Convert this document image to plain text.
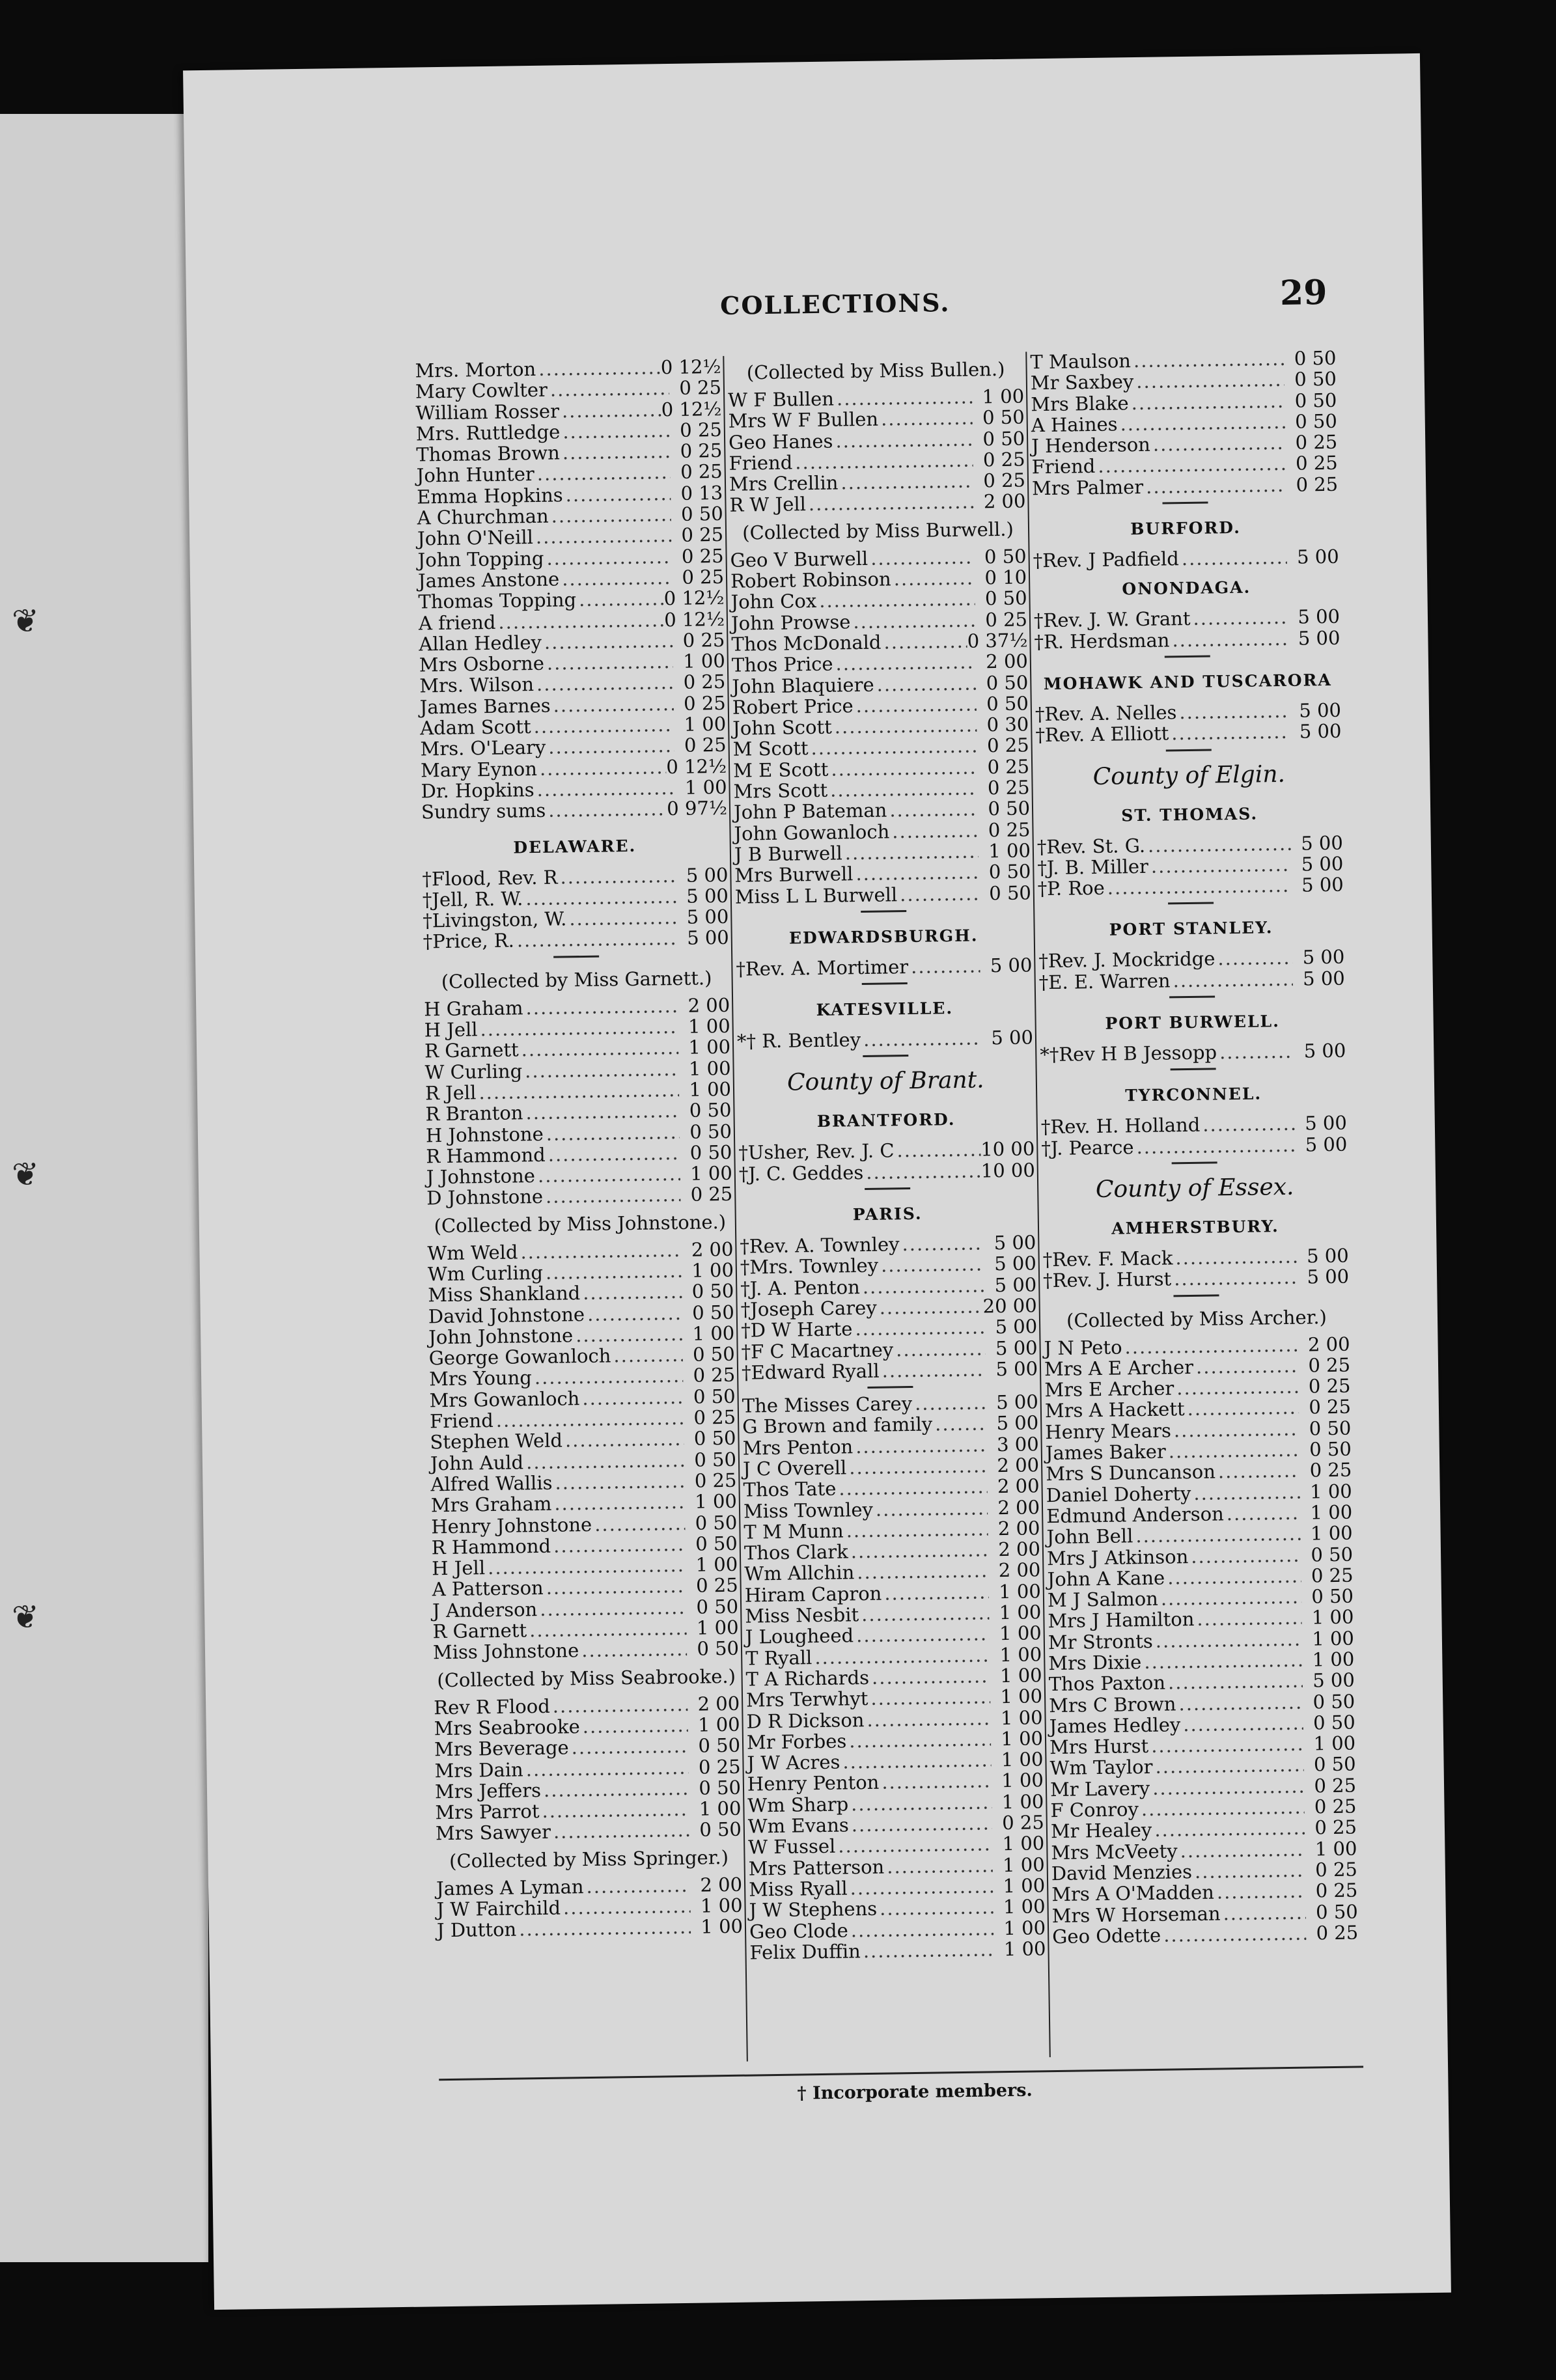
❦
❦
❦
COLLECTIONS.	29
Mrs. Morton .....	0 12½
Mary Cowlter .....	0 25
William Rosser .....	0 12½
Mrs. Ruttledge .....	0 25
Thomas Brown .....	0 25
John Hunter .....	0 25
Emma Hopkins .....	0 13
A Churchman .....	0 50
John O'Neill .....	0 25
John Topping .....	0 25
James Anstone .....	0 25
Thomas Topping .....	0 12½
A friend .....	0 12½
Allan Hedley .....	0 25
Mrs Osborne .....	1 00
Mrs. Wilson .....	0 25
James Barnes .....	0 25
Adam Scott .....	1 00
Mrs. O'Leary .....	0 25
Mary Eynon .....	0 12½
Dr. Hopkins .....	1 00
Sundry sums .....	0 97½
DELAWARE.
†Flood, Rev. R .....	5 00
†Jell, R. W. .....	5 00
†Livingston, W. .....	5 00
†Price, R. .....	5 00
(Collected by Miss Garnett.)
H Graham .....	2 00
H Jell .....	1 00
R Garnett .....	1 00
W Curling .....	1 00
R Jell .....	1 00
R Branton .....	0 50
H Johnstone .....	0 50
R Hammond .....	0 50
J Johnstone .....	1 00
D Johnstone .....	0 25
(Collected by Miss Johnstone.)
Wm Weld .....	2 00
Wm Curling .....	1 00
Miss Shankland .....	0 50
David Johnstone .....	0 50
John Johnstone .....	1 00
George Gowanloch .....	0 50
Mrs Young .....	0 25
Mrs Gowanloch .....	0 50
Friend .....	0 25
Stephen Weld .....	0 50
John Auld .....	0 50
Alfred Wallis .....	0 25
Mrs Graham .....	1 00
Henry Johnstone .....	0 50
R Hammond .....	0 50
H Jell .....	1 00
A Patterson .....	0 25
J Anderson .....	0 50
R Garnett .....	1 00
Miss Johnstone .....	0 50
(Collected by Miss Seabrooke.)
Rev R Flood .....	2 00
Mrs Seabrooke .....	1 00
Mrs Beverage .....	0 50
Mrs Dain .....	0 25
Mrs Jeffers .....	0 50
Mrs Parrot .....	1 00
Mrs Sawyer .....	0 50
(Collected by Miss Springer.)
James A Lyman .....	2 00
J W Fairchild .....	1 00
J Dutton .....	1 00
(Collected by Miss Bullen.)
W F Bullen .....	1 00
Mrs W F Bullen .....	0 50
Geo Hanes .....	0 50
Friend .....	0 25
Mrs Crellin .....	0 25
R W Jell .....	2 00
(Collected by Miss Burwell.)
Geo V Burwell .....	0 50
Robert Robinson .....	0 10
John Cox .....	0 50
John Prowse .....	0 25
Thos McDonald .....	0 37½
Thos Price .....	2 00
John Blaquiere .....	0 50
Robert Price .....	0 50
John Scott .....	0 30
M Scott .....	0 25
M E Scott .....	0 25
Mrs Scott .....	0 25
John P Bateman .....	0 50
John Gowanloch .....	0 25
J B Burwell .....	1 00
Mrs Burwell .....	0 50
Miss L L Burwell .....	0 50
EDWARDSBURGH.
†Rev. A. Mortimer .....	5 00
KATESVILLE.
*† R. Bentley .....	5 00
County of Brant.
BRANTFORD.
†Usher, Rev. J. C .....	10 00
†J. C. Geddes .....	10 00
PARIS.
†Rev. A. Townley .....	5 00
†Mrs. Townley .....	5 00
†J. A. Penton .....	5 00
†Joseph Carey .....	20 00
†D W Harte .....	5 00
†F C Macartney .....	5 00
†Edward Ryall .....	5 00
The Misses Carey .....	5 00
G Brown and family .....	5 00
Mrs Penton .....	3 00
J C Overell .....	2 00
Thos Tate .....	2 00
Miss Townley .....	2 00
T M Munn .....	2 00
Thos Clark .....	2 00
Wm Allchin .....	2 00
Hiram Capron .....	1 00
Miss Nesbit .....	1 00
J Lougheed .....	1 00
T Ryall .....	1 00
T A Richards .....	1 00
Mrs Terwhyt .....	1 00
D R Dickson .....	1 00
Mr Forbes .....	1 00
J W Acres .....	1 00
Henry Penton .....	1 00
Wm Sharp .....	1 00
Wm Evans .....	0 25
W Fussel .....	1 00
Mrs Patterson .....	1 00
Miss Ryall .....	1 00
J W Stephens .....	1 00
Geo Clode .....	1 00
Felix Duffin .....	1 00
T Maulson .....	0 50
Mr Saxbey .....	0 50
Mrs Blake .....	0 50
A Haines .....	0 50
J Henderson .....	0 25
Friend .....	0 25
Mrs Palmer .....	0 25
BURFORD.
†Rev. J Padfield .....	5 00
ONONDAGA.
†Rev. J. W. Grant .....	5 00
†R. Herdsman .....	5 00
MOHAWK AND TUSCARORA
†Rev. A. Nelles .....	5 00
†Rev. A Elliott .....	5 00
County of Elgin.
ST. THOMAS.
†Rev. St. G. .....	5 00
†J. B. Miller .....	5 00
†P. Roe .....	5 00
PORT STANLEY.
†Rev. J. Mockridge .....	5 00
†E. E. Warren .....	5 00
PORT BURWELL.
*†Rev H B Jessopp .....	5 00
TYRCONNEL.
†Rev. H. Holland .....	5 00
†J. Pearce .....	5 00
County of Essex.
AMHERSTBURY.
†Rev. F. Mack .....	5 00
†Rev. J. Hurst .....	5 00
(Collected by Miss Archer.)
J N Peto .....	2 00
Mrs A E Archer .....	0 25
Mrs E Archer .....	0 25
Mrs A Hackett .....	0 25
Henry Mears .....	0 50
James Baker .....	0 50
Mrs S Duncanson .....	0 25
Daniel Doherty .....	1 00
Edmund Anderson .....	1 00
John Bell .....	1 00
Mrs J Atkinson .....	0 50
John A Kane .....	0 25
M J Salmon .....	0 50
Mrs J Hamilton .....	1 00
Mr Stronts .....	1 00
Mrs Dixie .....	1 00
Thos Paxton .....	5 00
Mrs C Brown .....	0 50
James Hedley .....	0 50
Mrs Hurst .....	1 00
Wm Taylor .....	0 50
Mr Lavery .....	0 25
F Conroy .....	0 25
Mr Healey .....	0 25
Mrs McVeety .....	1 00
David Menzies .....	0 25
Mrs A O'Madden .....	0 25
Mrs W Horseman .....	0 50
Geo Odette .....	0 25
† Incorporate members.
